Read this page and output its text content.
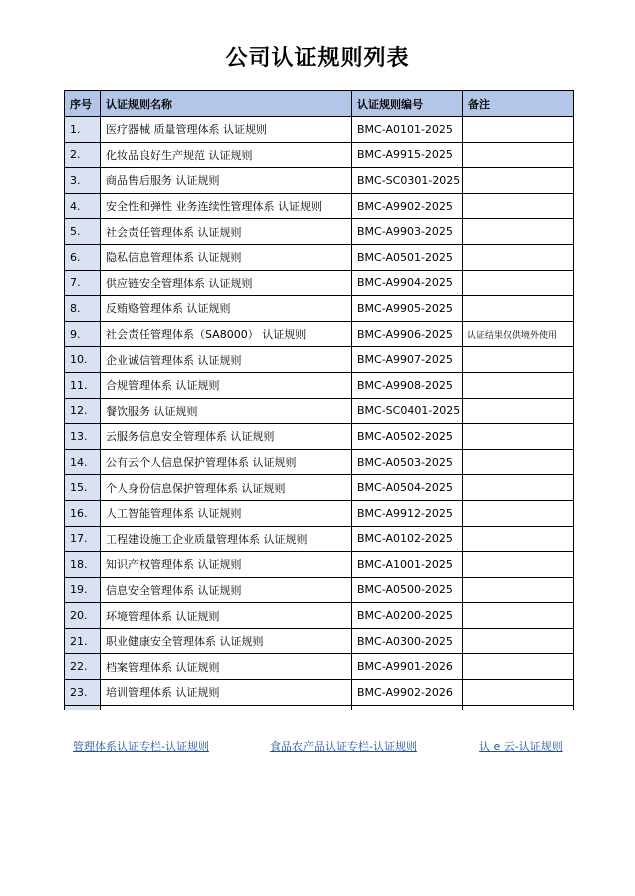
公司认证规则列表
序号	认证规则名称	认证规则编号	备注
1.	医疗器械 质量管理体系 认证规则	BMC-A0101-2025	
2.	化妆品良好生产规范 认证规则	BMC-A9915-2025	
3.	商品售后服务 认证规则	BMC-SC0301-2025	
4.	安全性和弹性 业务连续性管理体系 认证规则	BMC-A9902-2025	
5.	社会责任管理体系 认证规则	BMC-A9903-2025	
6.	隐私信息管理体系 认证规则	BMC-A0501-2025	
7.	供应链安全管理体系 认证规则	BMC-A9904-2025	
8.	反贿赂管理体系 认证规则	BMC-A9905-2025	
9.	社会责任管理体系（SA8000） 认证规则	BMC-A9906-2025	认证结果仅供境外使用
10.	企业诚信管理体系 认证规则	BMC-A9907-2025	
11.	合规管理体系 认证规则	BMC-A9908-2025	
12.	餐饮服务 认证规则	BMC-SC0401-2025	
13.	云服务信息安全管理体系 认证规则	BMC-A0502-2025	
14.	公有云个人信息保护管理体系 认证规则	BMC-A0503-2025	
15.	个人身份信息保护管理体系 认证规则	BMC-A0504-2025	
16.	人工智能管理体系 认证规则	BMC-A9912-2025	
17.	工程建设施工企业质量管理体系 认证规则	BMC-A0102-2025	
18.	知识产权管理体系 认证规则	BMC-A1001-2025	
19.	信息安全管理体系 认证规则	BMC-A0500-2025	
20.	环境管理体系 认证规则	BMC-A0200-2025	
21.	职业健康安全管理体系 认证规则	BMC-A0300-2025	
22.	档案管理体系 认证规则	BMC-A9901-2026	
23.	培训管理体系 认证规则	BMC-A9902-2026	

管理体系认证专栏-认证规则	食品农产品认证专栏-认证规则	认 e 云-认证规则
